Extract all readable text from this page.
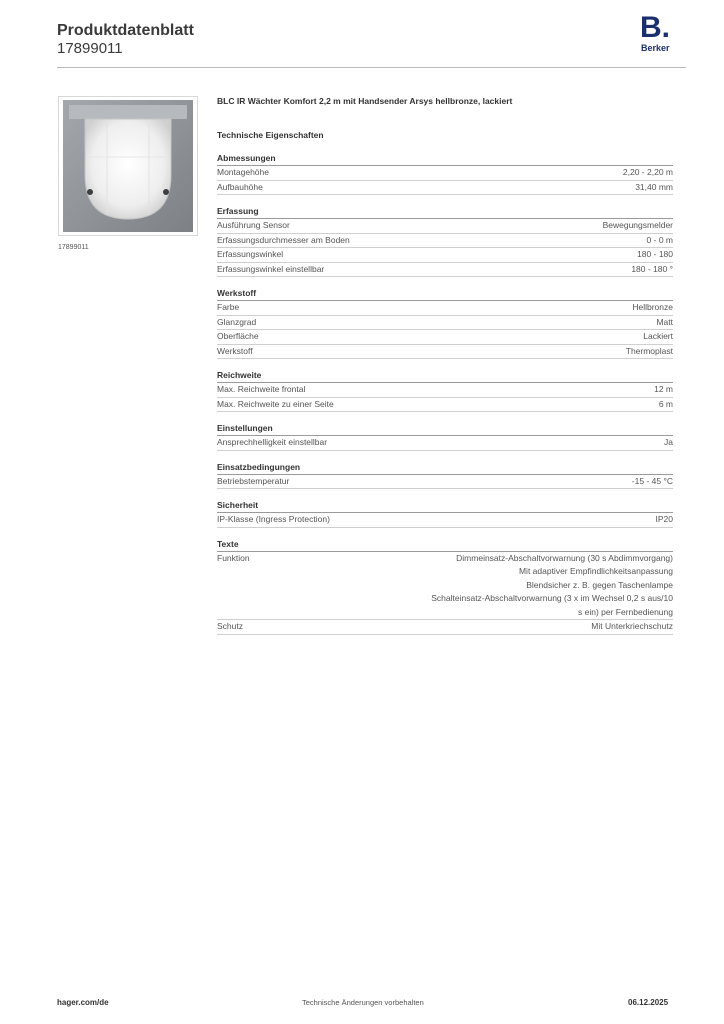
Produktdatenblatt
17899011
B.
Berker
17899011
BLC IR Wächter Komfort 2,2 m mit Handsender Arsys hellbronze, lackiert
Technische Eigenschaften
Abmessungen
Montagehöhe	2,20 - 2,20 m
Aufbauhöhe	31,40 mm
Erfassung
Ausführung Sensor	Bewegungsmelder
Erfassungsdurchmesser am Boden	0 - 0 m
Erfassungswinkel	180 - 180
Erfassungswinkel einstellbar	180 - 180 °
Werkstoff
Farbe	Hellbronze
Glanzgrad	Matt
Oberfläche	Lackiert
Werkstoff	Thermoplast
Reichweite
Max. Reichweite frontal	12 m
Max. Reichweite zu einer Seite	6 m
Einstellungen
Ansprechhelligkeit einstellbar	Ja
Einsatzbedingungen
Betriebstemperatur	-15 - 45 °C
Sicherheit
IP-Klasse (Ingress Protection)	IP20
Texte
Funktion	Dimmeinsatz-Abschaltvorwarnung (30 s Abdimmvorgang)
Mit adaptiver Empfindlichkeitsanpassung
Blendsicher z. B. gegen Taschenlampe
Schalteinsatz-Abschaltvorwarnung (3 x im Wechsel 0,2 s aus/10
s ein) per Fernbedienung
Schutz	Mit Unterkriechschutz
hager.com/de	Technische Änderungen vorbehalten	06.12.2025
